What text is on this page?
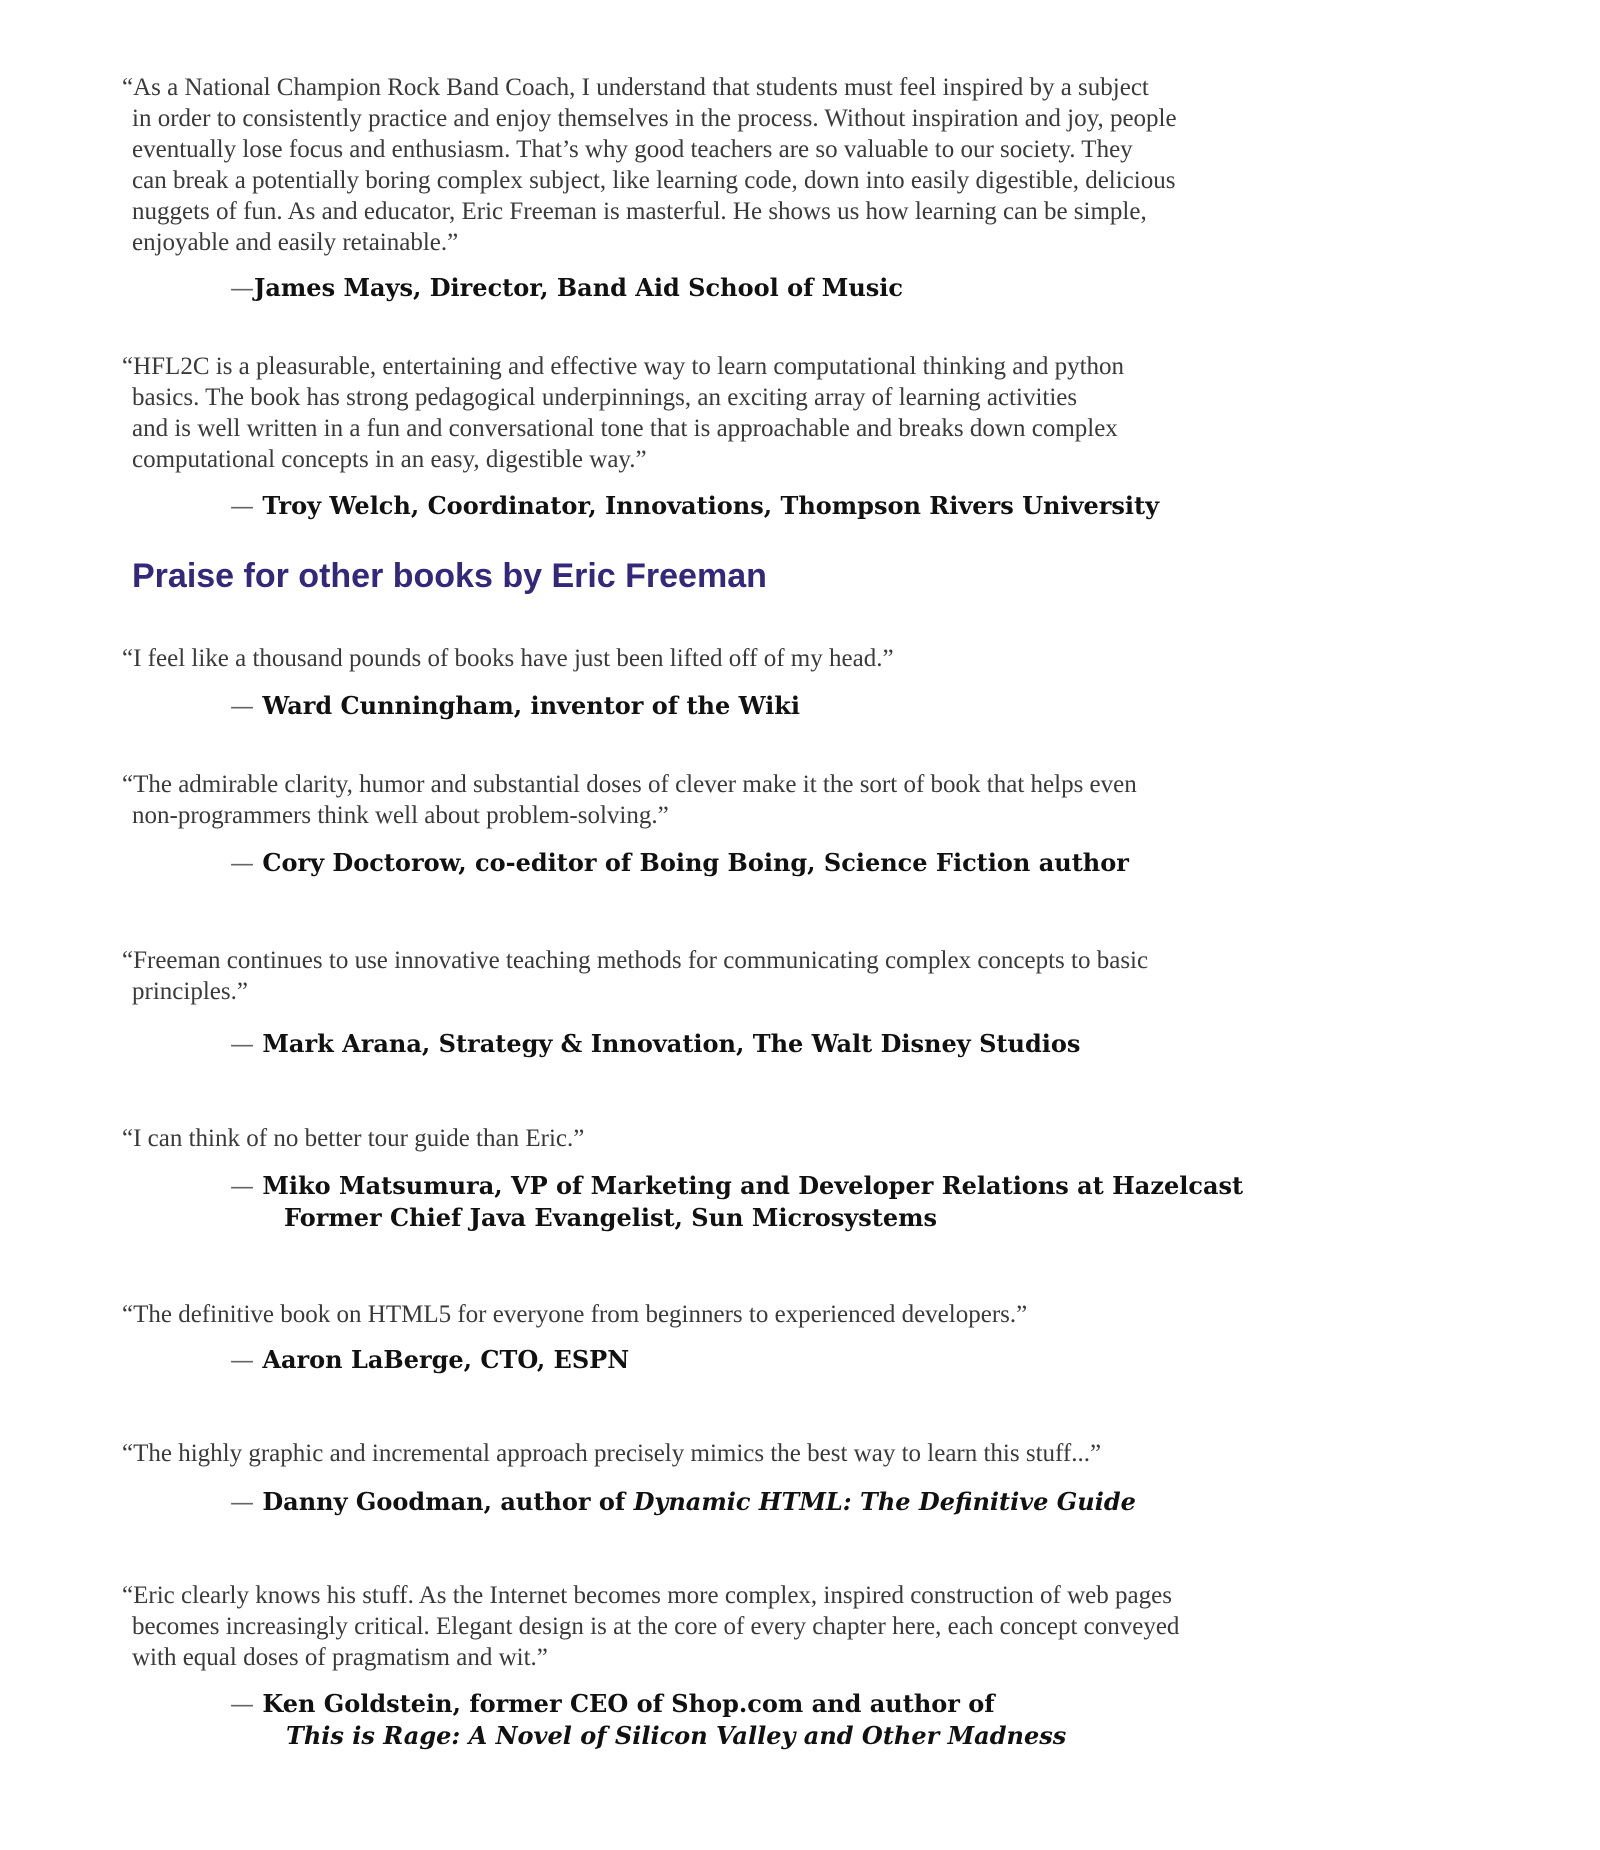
“As a National Champion Rock Band Coach, I understand that students must feel inspired by a subject
in order to consistently practice and enjoy themselves in the process. Without inspiration and joy, people
eventually lose focus and enthusiasm. That’s why good teachers are so valuable to our society. They
can break a potentially boring complex subject, like learning code, down into easily digestible, delicious
nuggets of fun. As and educator, Eric Freeman is masterful. He shows us how learning can be simple,
enjoyable and easily retainable.”
—James Mays, Director, Band Aid School of Music
“HFL2C is a pleasurable, entertaining and effective way to learn computational thinking and python
basics. The book has strong pedagogical underpinnings, an exciting array of learning activities
and is well written in a fun and conversational tone that is approachable and breaks down complex
computational concepts in an easy, digestible way.”
— Troy Welch, Coordinator, Innovations, Thompson Rivers University
Praise for other books by Eric Freeman
“I feel like a thousand pounds of books have just been lifted off of my head.”
— Ward Cunningham, inventor of the Wiki
“The admirable clarity, humor and substantial doses of clever make it the sort of book that helps even
non-programmers think well about problem-solving.”
— Cory Doctorow, co-editor of Boing Boing, Science Fiction author
“Freeman continues to use innovative teaching methods for communicating complex concepts to basic
principles.”
— Mark Arana, Strategy & Innovation, The Walt Disney Studios
“I can think of no better tour guide than Eric.”
— Miko Matsumura, VP of Marketing and Developer Relations at Hazelcast
Former Chief Java Evangelist, Sun Microsystems
“The definitive book on HTML5 for everyone from beginners to experienced developers.”
— Aaron LaBerge, CTO, ESPN
“The highly graphic and incremental approach precisely mimics the best way to learn this stuff...”
— Danny Goodman, author of Dynamic HTML: The Definitive Guide
“Eric clearly knows his stuff. As the Internet becomes more complex, inspired construction of web pages
becomes increasingly critical. Elegant design is at the core of every chapter here, each concept conveyed
with equal doses of pragmatism and wit.”
— Ken Goldstein, former CEO of Shop.com and author of
This is Rage: A Novel of Silicon Valley and Other Madness
